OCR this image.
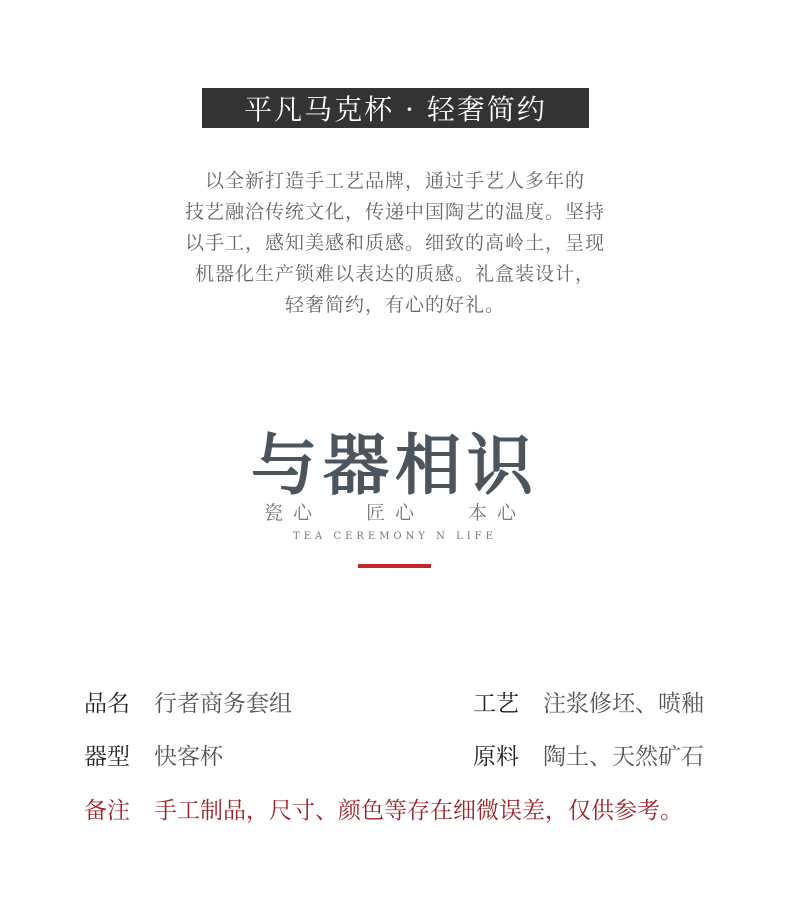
平凡马克杯 · 轻奢简约
以全新打造手工艺品牌，通过手艺人多年的
技艺融洽传统文化，传递中国陶艺的温度。坚持
以手工，感知美感和质感。细致的高岭土，呈现
机器化生产锁难以表达的质感。礼盒装设计，
轻奢简约，有心的好礼。
与器相识
瓷心 匠心 本心
TEA CEREMONY N LIFE
品名 行者商务套组	工艺 注浆修坯、喷釉
器型 快客杯	原料 陶土、天然矿石
备注 手工制品，尺寸、颜色等存在细微误差，仅供参考。
